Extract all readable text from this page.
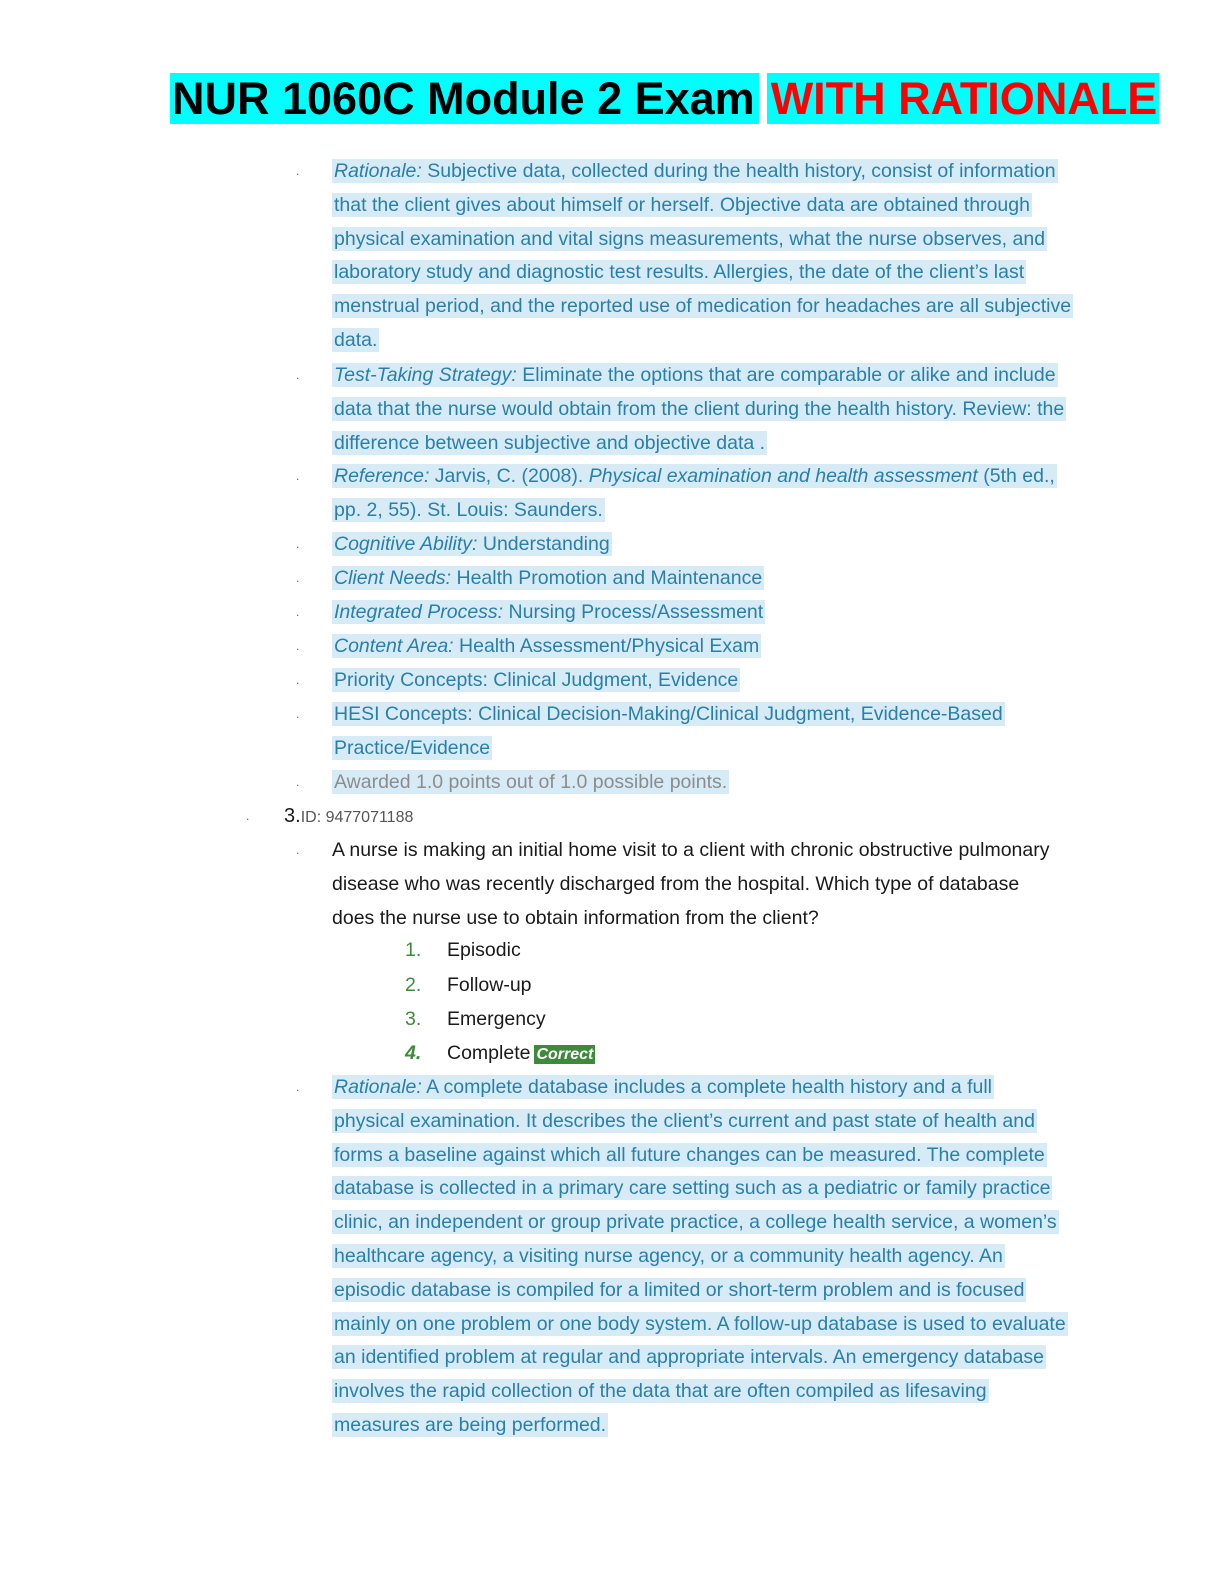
NUR 1060C Module 2 Exam WITH RATIONALE
. Rationale: Subjective data, collected during the health history, consist of information that the client gives about himself or herself. Objective data are obtained through physical examination and vital signs measurements, what the nurse observes, and laboratory study and diagnostic test results. Allergies, the date of the client’s last menstrual period, and the reported use of medication for headaches are all subjective data.
. Test-Taking Strategy: Eliminate the options that are comparable or alike and include data that the nurse would obtain from the client during the health history. Review: the difference between subjective and objective data .
. Reference: Jarvis, C. (2008). Physical examination and health assessment (5th ed., pp. 2, 55). St. Louis: Saunders.
. Cognitive Ability: Understanding
. Client Needs: Health Promotion and Maintenance
. Integrated Process: Nursing Process/Assessment
. Content Area: Health Assessment/Physical Exam
. Priority Concepts: Clinical Judgment, Evidence
. HESI Concepts: Clinical Decision-Making/Clinical Judgment, Evidence-Based Practice/Evidence
. Awarded 1.0 points out of 1.0 possible points.
. 3.ID: 9477071188
. A nurse is making an initial home visit to a client with chronic obstructive pulmonary disease who was recently discharged from the hospital. Which type of database does the nurse use to obtain information from the client?
1. Episodic
2. Follow-up
3. Emergency
4. Complete Correct
. Rationale: A complete database includes a complete health history and a full physical examination. It describes the client’s current and past state of health and forms a baseline against which all future changes can be measured. The complete database is collected in a primary care setting such as a pediatric or family practice clinic, an independent or group private practice, a college health service, a women’s healthcare agency, a visiting nurse agency, or a community health agency. An episodic database is compiled for a limited or short-term problem and is focused mainly on one problem or one body system. A follow-up database is used to evaluate an identified problem at regular and appropriate intervals. An emergency database involves the rapid collection of the data that are often compiled as lifesaving measures are being performed.
